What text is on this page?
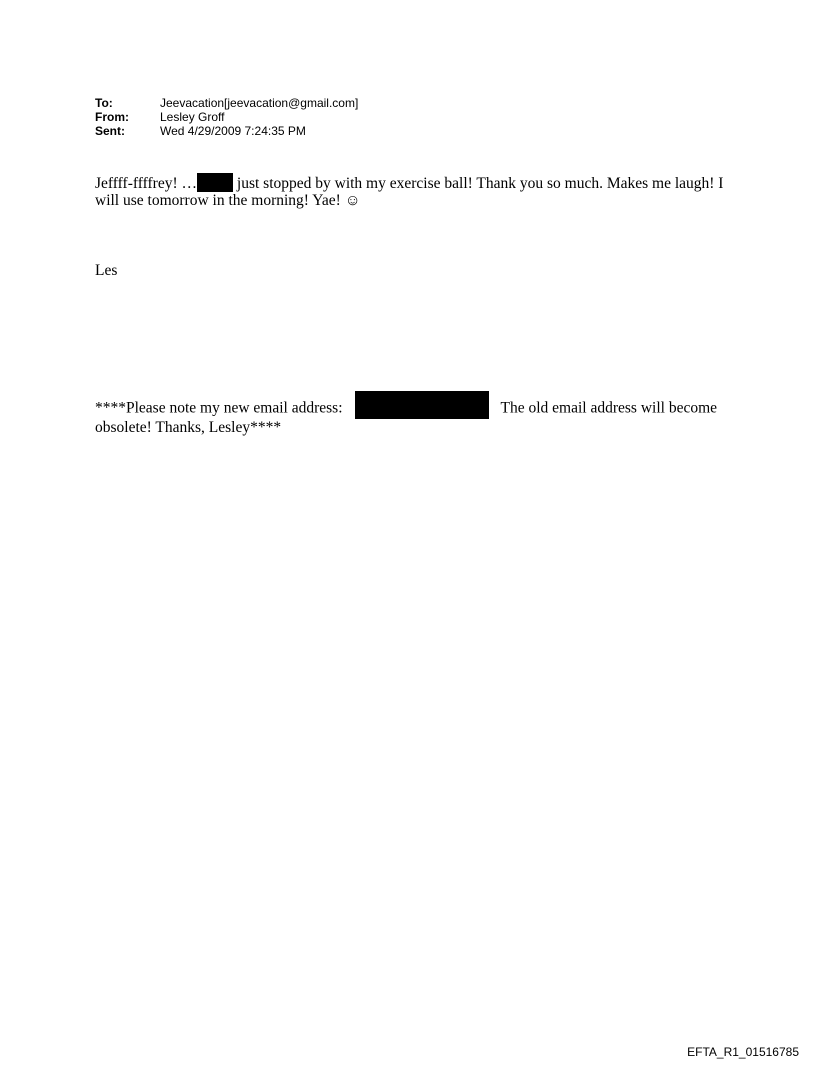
To:	Jeevacation[jeevacation@gmail.com]
From:	Lesley Groff
Sent:	Wed 4/29/2009 7:24:35 PM
Jeffff-ffffrey! …	just stopped by with my exercise ball! Thank you so much. Makes me laugh! I will use tomorrow in the morning! Yae! ☺
Les
****Please note my new email address:	The old email address will become obsolete! Thanks, Lesley****
EFTA_R1_01516785
